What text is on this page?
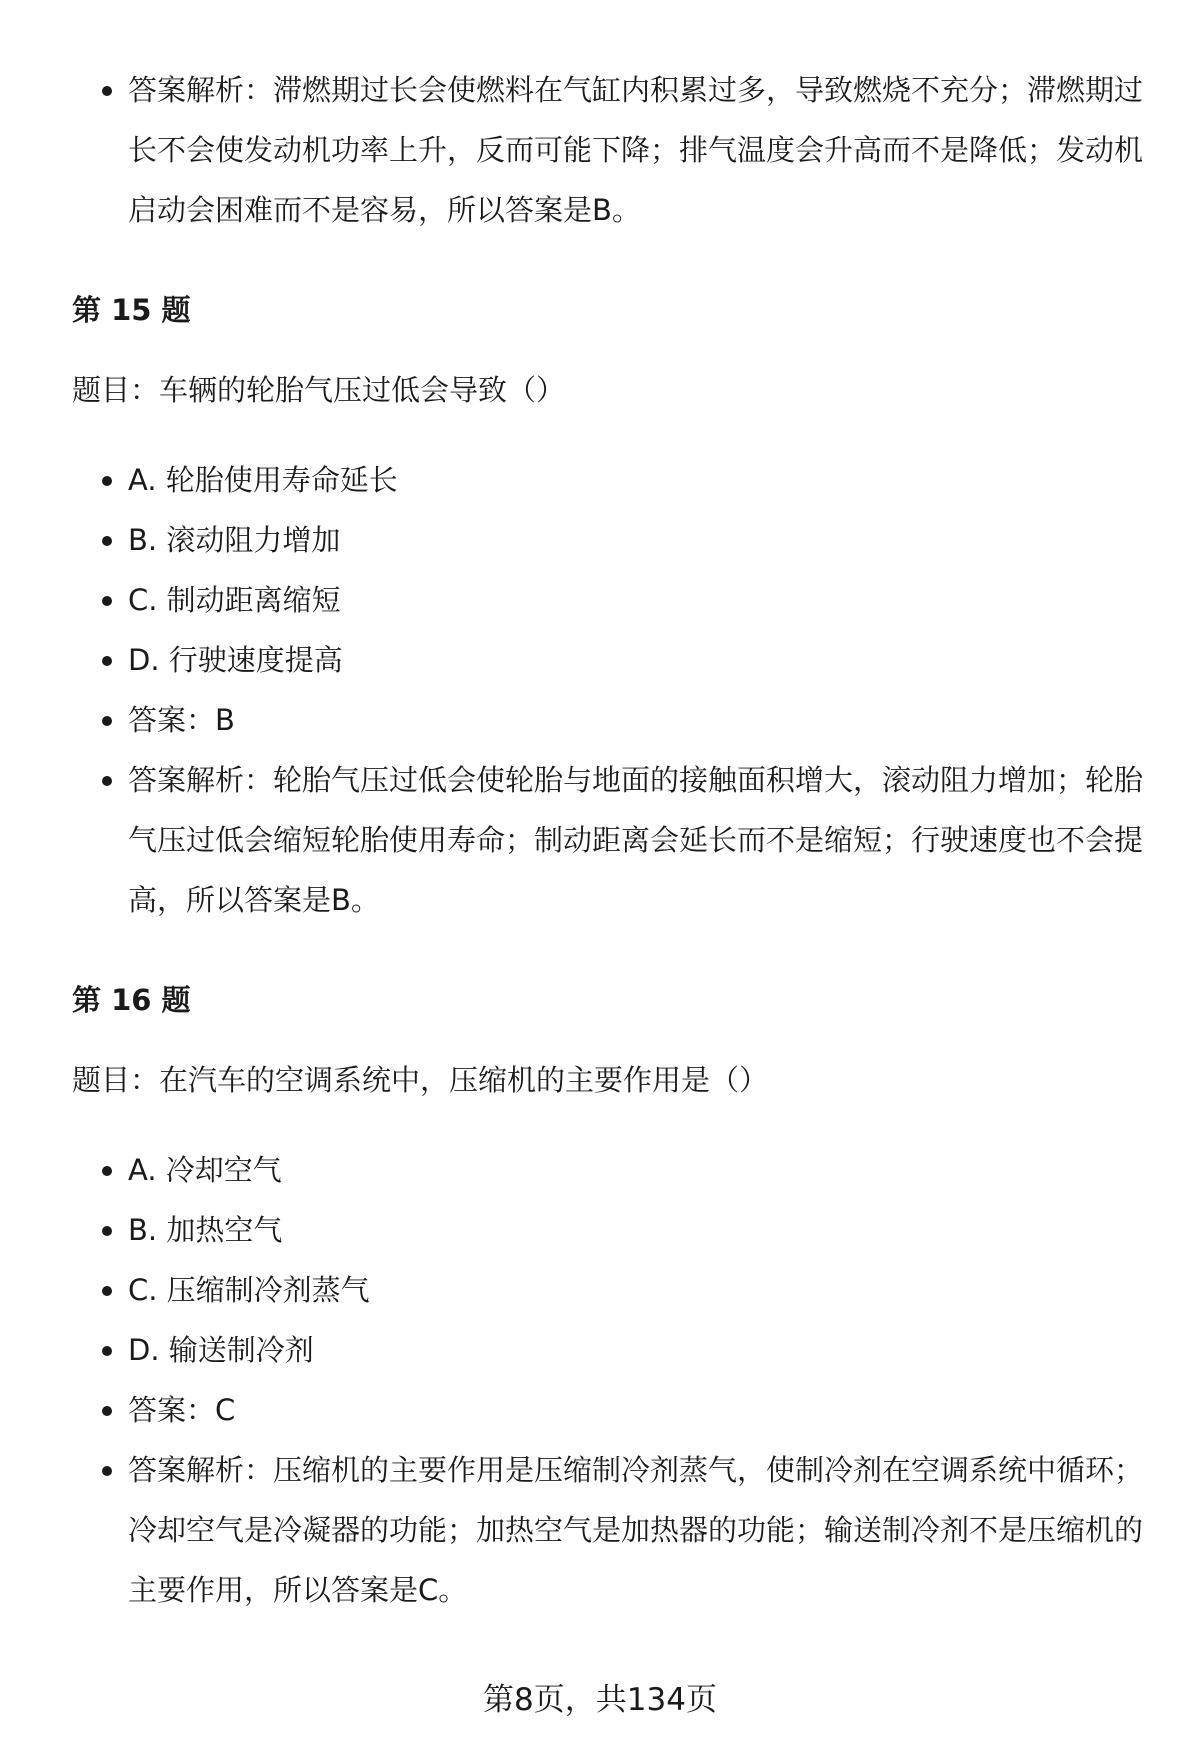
答案解析：滞燃期过长会使燃料在气缸内积累过多，导致燃烧不充分；滞燃期过长不会使发动机功率上升，反而可能下降；排气温度会升高而不是降低；发动机启动会困难而不是容易，所以答案是B。

第 15 题

题目：车辆的轮胎气压过低会导致（）

A. 轮胎使用寿命延长
B. 滚动阻力增加
C. 制动距离缩短
D. 行驶速度提高
答案：B
答案解析：轮胎气压过低会使轮胎与地面的接触面积增大，滚动阻力增加；轮胎气压过低会缩短轮胎使用寿命；制动距离会延长而不是缩短；行驶速度也不会提高，所以答案是B。

第 16 题

题目：在汽车的空调系统中，压缩机的主要作用是（）

A. 冷却空气
B. 加热空气
C. 压缩制冷剂蒸气
D. 输送制冷剂
答案：C
答案解析：压缩机的主要作用是压缩制冷剂蒸气，使制冷剂在空调系统中循环；冷却空气是冷凝器的功能；加热空气是加热器的功能；输送制冷剂不是压缩机的主要作用，所以答案是C。
第8页，共134页
